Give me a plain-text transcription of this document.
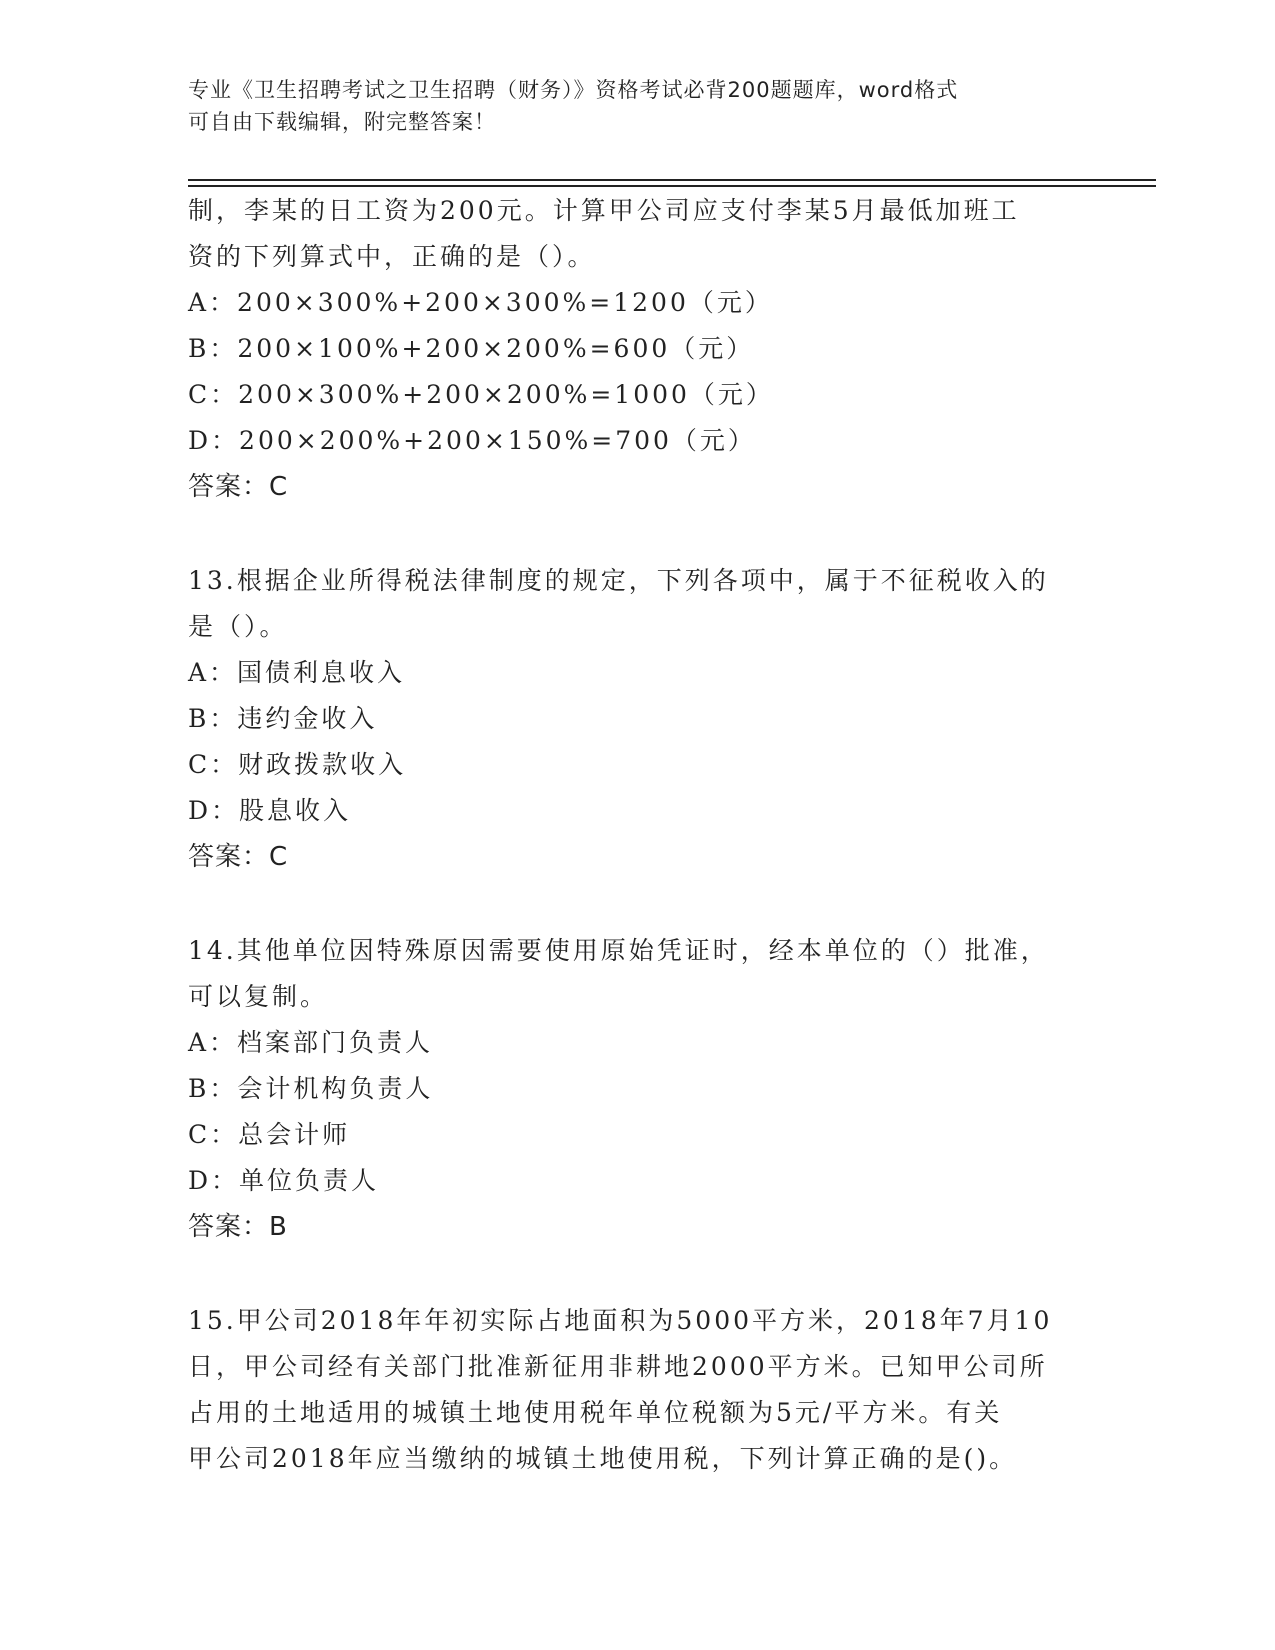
专业《卫生招聘考试之卫生招聘（财务）》资格考试必背200题题库，word格式
可自由下载编辑，附完整答案！
制，李某的日工资为200元。计算甲公司应支付李某5月最低加班工
资的下列算式中，正确的是（）。
A：200×300%+200×300%=1200（元）
B：200×100%+200×200%=600（元）
C：200×300%+200×200%=1000（元）
D：200×200%+200×150%=700（元）
答案：C
13.根据企业所得税法律制度的规定，下列各项中，属于不征税收入的
是（）。
A：国债利息收入
B：违约金收入
C：财政拨款收入
D：股息收入
答案：C
14.其他单位因特殊原因需要使用原始凭证时，经本单位的（）批准，
可以复制。
A：档案部门负责人
B：会计机构负责人
C：总会计师
D：单位负责人
答案：B
15.甲公司2018年年初实际占地面积为5000平方米，2018年7月10
日，甲公司经有关部门批准新征用非耕地2000平方米。已知甲公司所
占用的土地适用的城镇土地使用税年单位税额为5元/平方米。有关
甲公司2018年应当缴纳的城镇土地使用税，下列计算正确的是()。
